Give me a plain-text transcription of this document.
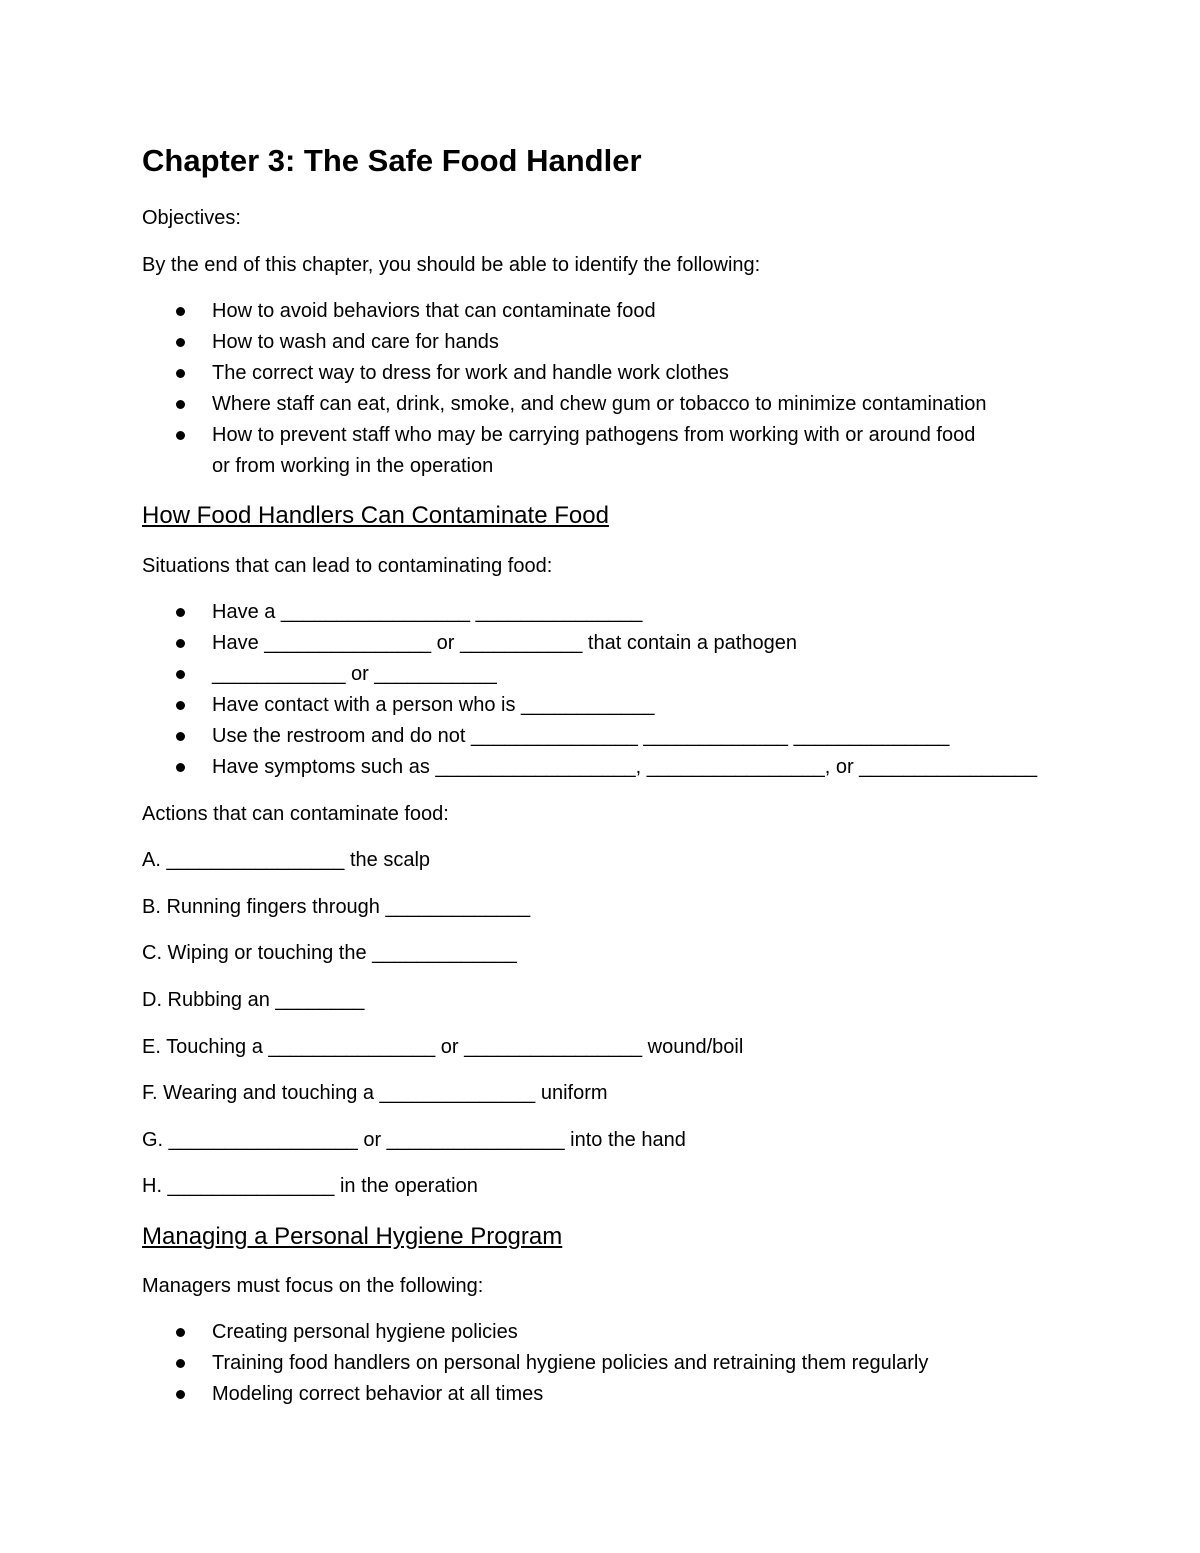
Chapter 3: The Safe Food Handler

Objectives:

By the end of this chapter, you should be able to identify the following:

How to avoid behaviors that can contaminate food
How to wash and care for hands
The correct way to dress for work and handle work clothes
Where staff can eat, drink, smoke, and chew gum or tobacco to minimize contamination
How to prevent staff who may be carrying pathogens from working with or around food
or from working in the operation
How Food Handlers Can Contaminate Food

Situations that can lead to contaminating food:

Have a _________________ _______________
Have _______________ or ___________ that contain a pathogen
____________ or ___________
Have contact with a person who is ____________
Use the restroom and do not _______________ _____________ ______________
Have symptoms such as __________________, ________________, or ________________

Actions that can contaminate food:

A. ________________ the scalp

B. Running fingers through _____________

C. Wiping or touching the _____________

D. Rubbing an ________

E. Touching a _______________ or ________________ wound/boil

F. Wearing and touching a ______________ uniform

G. _________________ or ________________ into the hand

H. _______________ in the operation

Managing a Personal Hygiene Program

Managers must focus on the following:

Creating personal hygiene policies
Training food handlers on personal hygiene policies and retraining them regularly
Modeling correct behavior at all times
